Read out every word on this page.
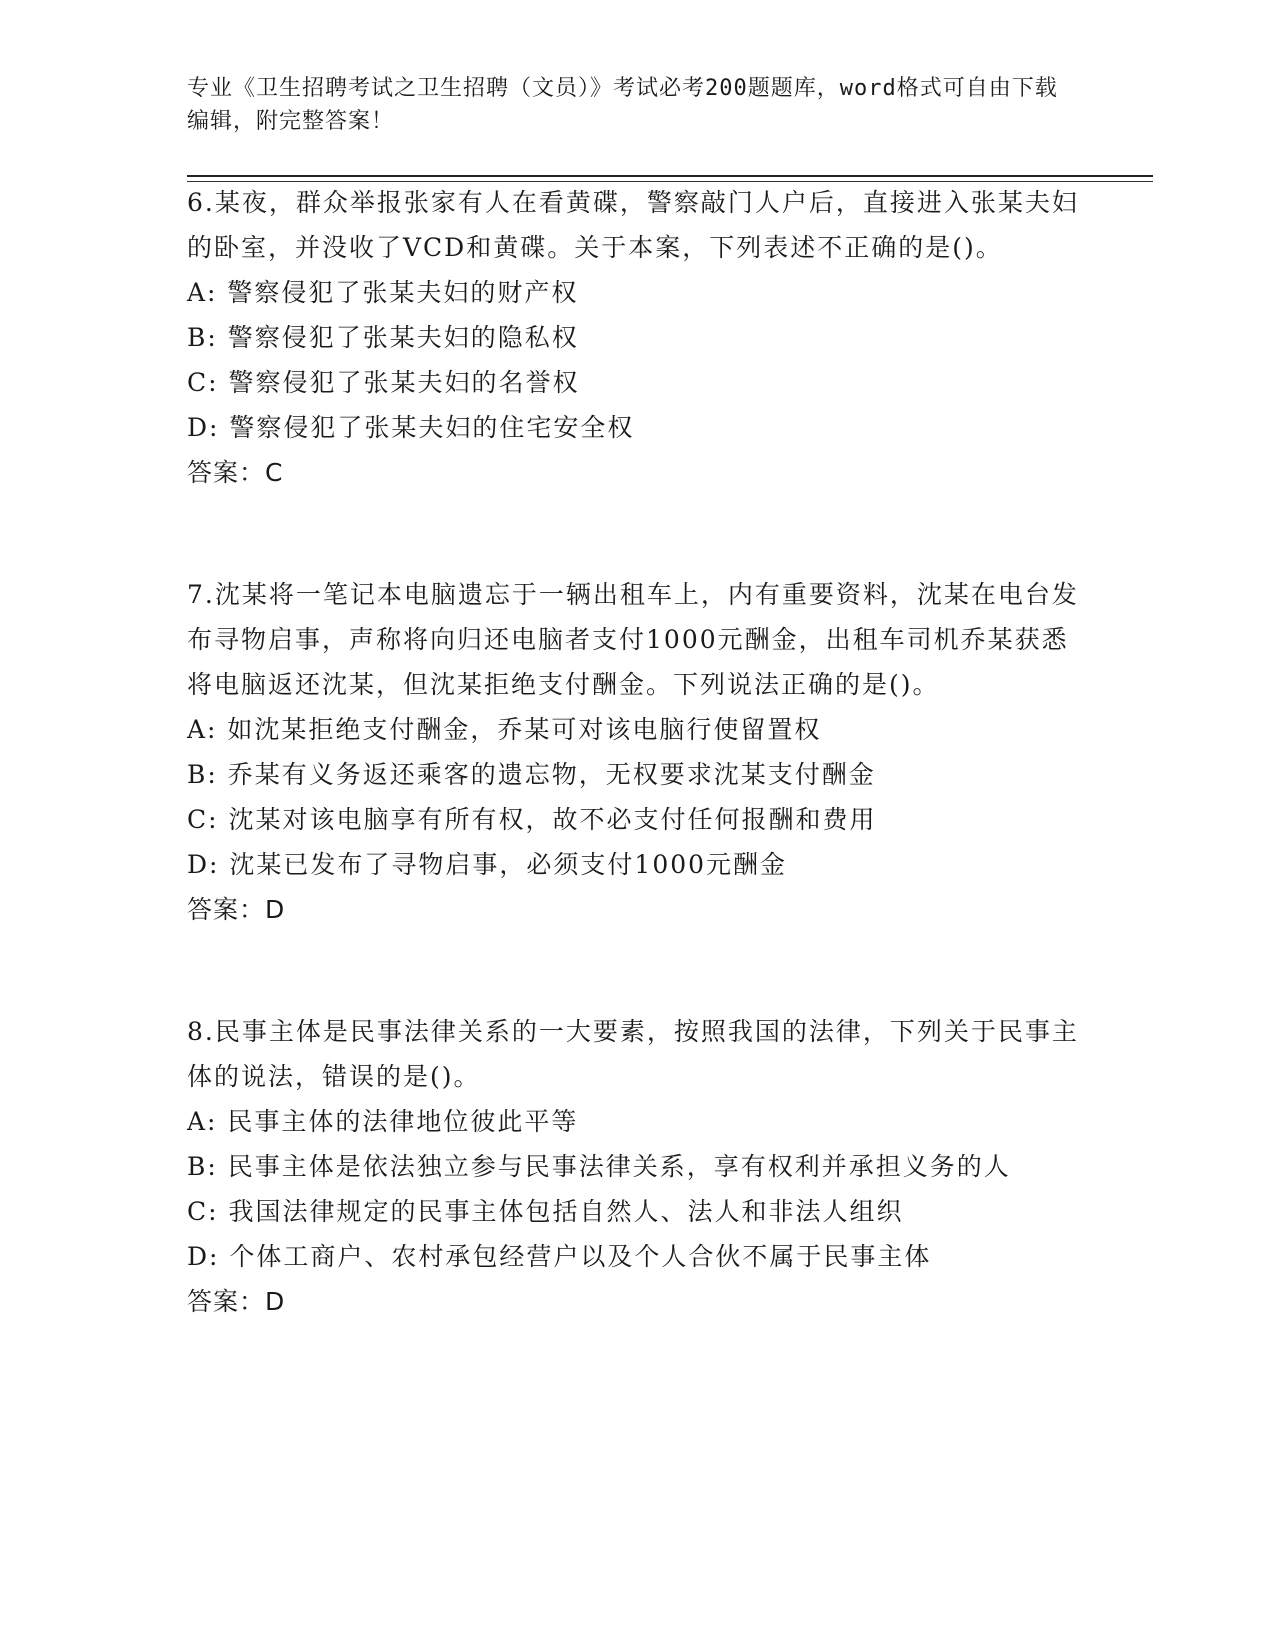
专业《卫生招聘考试之卫生招聘（文员）》考试必考200题题库，word格式可自由下载编辑，附完整答案！

6.某夜，群众举报张家有人在看黄碟，警察敲门人户后，直接进入张某夫妇的卧室，并没收了VCD和黄碟。关于本案，下列表述不正确的是()。

A: 警察侵犯了张某夫妇的财产权

B: 警察侵犯了张某夫妇的隐私权

C: 警察侵犯了张某夫妇的名誉权

D: 警察侵犯了张某夫妇的住宅安全权

答案：C

7.沈某将一笔记本电脑遗忘于一辆出租车上，内有重要资料，沈某在电台发布寻物启事，声称将向归还电脑者支付1000元酬金，出租车司机乔某获悉将电脑返还沈某，但沈某拒绝支付酬金。下列说法正确的是()。

A: 如沈某拒绝支付酬金，乔某可对该电脑行使留置权

B: 乔某有义务返还乘客的遗忘物，无权要求沈某支付酬金

C: 沈某对该电脑享有所有权，故不必支付任何报酬和费用

D: 沈某已发布了寻物启事，必须支付1000元酬金

答案：D

8.民事主体是民事法律关系的一大要素，按照我国的法律，下列关于民事主体的说法，错误的是()。

A: 民事主体的法律地位彼此平等

B: 民事主体是依法独立参与民事法律关系，享有权利并承担义务的人

C: 我国法律规定的民事主体包括自然人、法人和非法人组织

D: 个体工商户、农村承包经营户以及个人合伙不属于民事主体

答案：D
